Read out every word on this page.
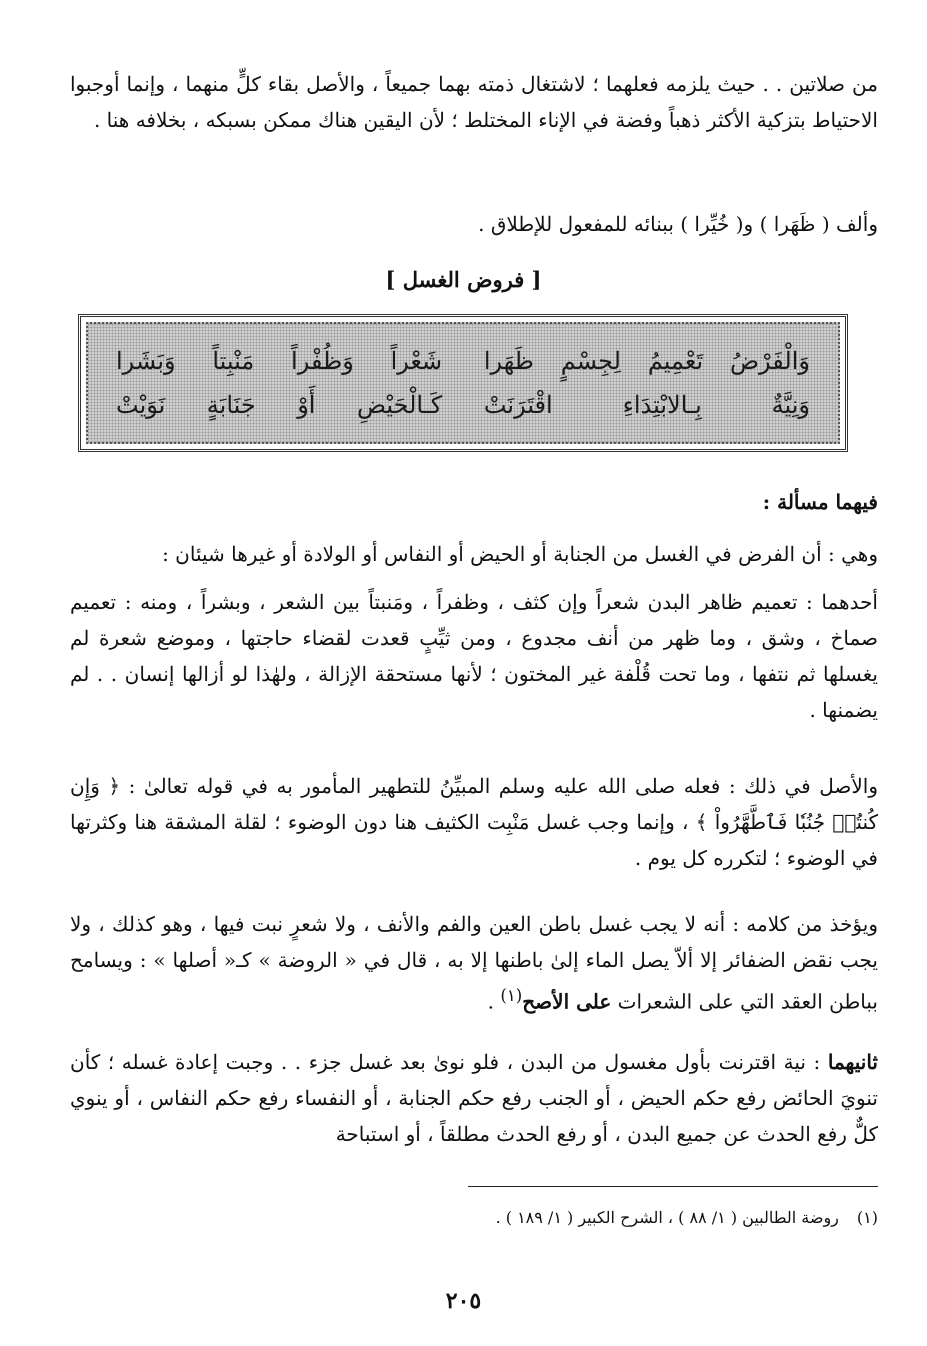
من صلاتين . . حيث يلزمه فعلهما ؛ لاشتغال ذمته بهما جميعاً ، والأصل بقاء كلٍّ منهما ، وإنما أوجبوا الاحتياط بتزكية الأكثر ذهباً وفضة في الإناء المختلط ؛ لأن اليقين هناك ممكن بسبكه ، بخلافه هنا .
وألف ( ظَهَرا ) و( خُيِّرا ) ببنائه للمفعول للإطلاق .
[ فروض الغسل ]
وَالْفَرْضُ تَعْمِيمُ لِجِسْمٍ ظَهَرا
شَعْراً وَظُفْراً مَنْبِتاً وَبَشَرا
وَنِيَّةٌ بِـالابْتِدَاءِ اقْتَرَنَتْ
كَـالْحَيْضِ أَوْ جَنَابَةٍ نَوَيْتْ
فيهما مسألة :
وهي : أن الفرض في الغسل من الجنابة أو الحيض أو النفاس أو الولادة أو غيرها شيئان :
أحدهما : تعميم ظاهر البدن شعراً وإن كثف ، وظفراً ، ومَنبتاً بين الشعر ، وبشراً ، ومنه : تعميم صماخ ، وشق ، وما ظهر من أنف مجدوع ، ومن ثيِّبٍ قعدت لقضاء حاجتها ، وموضع شعرة لم يغسلها ثم نتفها ، وما تحت قُلْفة غير المختون ؛ لأنها مستحقة الإزالة ، ولهٰذا لو أزالها إنسان . . لم يضمنها .
والأصل في ذلك : فعله صلى الله عليه وسلم المبيِّنُ للتطهير المأمور به في قوله تعالىٰ : ﴿ وَإِن كُنتُمۡ جُنُبٗا فَٱطَّهَّرُواْ ﴾ ، وإنما وجب غسل مَنْبِت الكثيف هنا دون الوضوء ؛ لقلة المشقة هنا وكثرتها في الوضوء ؛ لتكرره كل يوم .
ويؤخذ من كلامه : أنه لا يجب غسل باطن العين والفم والأنف ، ولا شعرٍ نبت فيها ، وهو كذلك ، ولا يجب نقض الضفائر إلا ألاّ يصل الماء إلىٰ باطنها إلا به ، قال في « الروضة » كـ« أصلها » : ويسامح بباطن العقد التي على الشعرات على الأصح$^{(١)}$ .
ثانيهما : نية اقترنت بأول مغسول من البدن ، فلو نوىٰ بعد غسل جزء . . وجبت إعادة غسله ؛ كأن تنويَ الحائض رفع حكم الحيض ، أو الجنب رفع حكم الجنابة ، أو النفساء رفع حكم النفاس ، أو ينوي كلٌّ رفع الحدث عن جميع البدن ، أو رفع الحدث مطلقاً ، أو استباحة
(١)روضة الطالبين ( ١/ ٨٨ ) ، الشرح الكبير ( ١/ ١٨٩ ) .
٢٠٥
